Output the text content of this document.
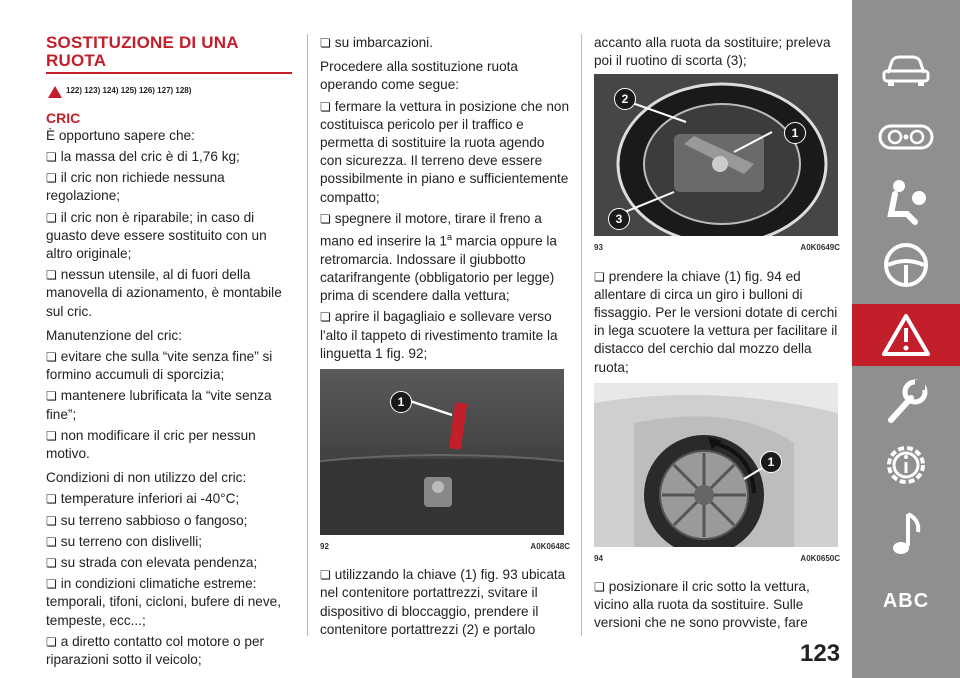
SOSTITUZIONE DI UNA RUOTA
122) 123) 124) 125) 126) 127) 128)
CRIC

È opportuno sapere che:

❏ la massa del cric è di 1,76 kg;

❏ il cric non richiede nessuna regolazione;

❏ il cric non è riparabile; in caso di guasto deve essere sostituito con un altro originale;

❏ nessun utensile, al di fuori della manovella di azionamento, è montabile sul cric.

Manutenzione del cric:

❏ evitare che sulla “vite senza fine” si formino accumuli di sporcizia;

❏ mantenere lubrificata la “vite senza fine”;

❏ non modificare il cric per nessun motivo.

Condizioni di non utilizzo del cric:

❏ temperature inferiori ai -40°C;

❏ su terreno sabbioso o fangoso;

❏ su terreno con dislivelli;

❏ su strada con elevata pendenza;

❏ in condizioni climatiche estreme: temporali, tifoni, cicloni, bufere di neve, tempeste, ecc...;

❏ a diretto contatto col motore o per riparazioni sotto il veicolo;

❏ su imbarcazioni.

Procedere alla sostituzione ruota operando come segue:

❏ fermare la vettura in posizione che non costituisca pericolo per il traffico e permetta di sostituire la ruota agendo con sicurezza. Il terreno deve essere possibilmente in piano e sufficientemente compatto;

❏ spegnere il motore, tirare il freno a mano ed inserire la 1$^a$ marcia oppure la retromarcia. Indossare il giubbotto catarifrangente (obbligatorio per legge) prima di scendere dalla vettura;

❏ aprire il bagagliaio e sollevare verso l'alto il tappeto di rivestimento tramite la linguetta 1 fig. 92;

1
92	A0K0648C

❏ utilizzando la chiave (1) fig. 93 ubicata nel contenitore portattrezzi, svitare il dispositivo di bloccaggio, prendere il contenitore portattrezzi (2) e portalo

accanto alla ruota da sostituire; preleva poi il ruotino di scorta (3);

2
1
3
93	A0K0649C

❏ prendere la chiave (1) fig. 94 ed allentare di circa un giro i bulloni di fissaggio. Per le versioni dotate di cerchi in lega scuotere la vettura per facilitare il distacco del cerchio dal mozzo della ruota;

1
94	A0K0650C

❏ posizionare il cric sotto la vettura, vicino alla ruota da sostituire. Sulle versioni che ne sono provviste, fare

123
ABC
